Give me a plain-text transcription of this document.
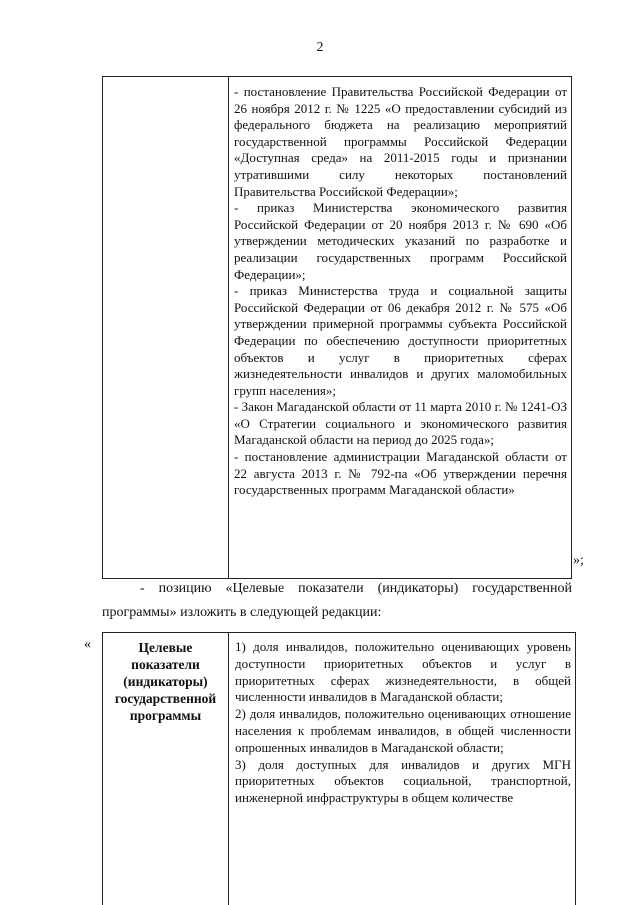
2

- постановление Правительства Российской Федерации от 26 ноября 2012 г. № 1225 «О предоставлении субсидий из федерального бюджета на реализацию мероприятий государственной программы Российской Федерации «Доступная среда» на 2011-2015 годы и признании утратившими силу некоторых постановлений Правительства Российской Федерации»;

- приказ Министерства экономического развития Российской Федерации от 20 ноября 2013 г. № 690 «Об утверждении методических указаний по разработке и реализации государственных программ Российской Федерации»;

- приказ Министерства труда и социальной защиты Российской Федерации от 06 декабря 2012 г. № 575 «Об утверждении примерной программы субъекта Российской Федерации по обеспечению доступности приоритетных объектов и услуг в приоритетных сферах жизнедеятельности инвалидов и других маломобильных групп населения»;

- Закон Магаданской области от 11 марта 2010 г. № 1241-ОЗ «О Стратегии социального и экономического развития Магаданской области на период до 2025 года»;

- постановление администрации Магаданской области от 22 августа 2013 г. № 792-па «Об утверждении перечня государственных программ Магаданской области»

»;
- позицию «Целевые показатели (индикаторы) государственной
программы» изложить в следующей редакции:
«	Целевые
показатели
(индикаторы)
государственной
программы

1) доля инвалидов, положительно оценивающих уровень доступности приоритетных объектов и услуг в приоритетных сферах жизнедеятельности, в общей численности инвалидов в Магаданской области;

2) доля инвалидов, положительно оценивающих отношение населения к проблемам инвалидов, в общей численности опрошенных инвалидов в Магаданской области;

3) доля доступных для инвалидов и других МГН приоритетных объектов социальной, транспортной, инженерной инфраструктуры в общем количестве
